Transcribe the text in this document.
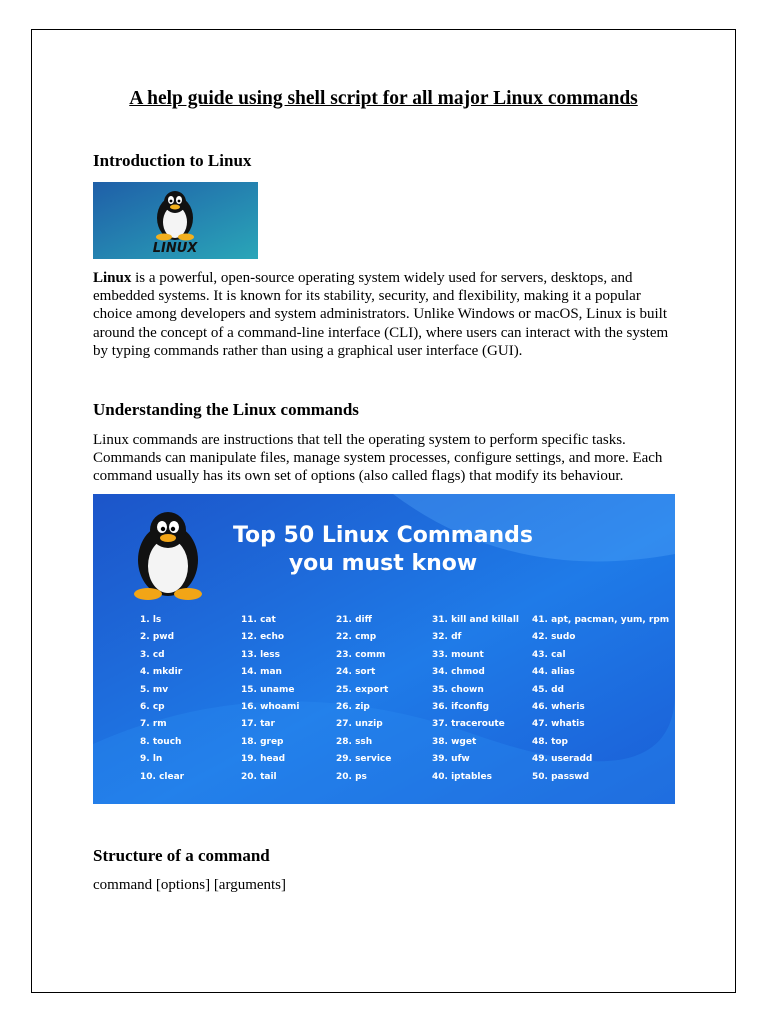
A help guide using shell script for all major Linux commands
Introduction to Linux
LINUX
Linux is a powerful, open-source operating system widely used for servers, desktops, and embedded systems. It is known for its stability, security, and flexibility, making it a popular choice among developers and system administrators. Unlike Windows or macOS, Linux is built around the concept of a command-line interface (CLI), where users can interact with the system by typing commands rather than using a graphical user interface (GUI).
Understanding the Linux commands
Linux commands are instructions that tell the operating system to perform specific tasks. Commands can manipulate files, manage system processes, configure settings, and more. Each command usually has its own set of options (also called flags) that modify its behaviour.
Top 50 Linux Commands
you must know
1. ls
2. pwd
3. cd
4. mkdir
5. mv
6. cp
7. rm
8. touch
9. ln
10. clear
11. cat
12. echo
13. less
14. man
15. uname
16. whoami
17. tar
18. grep
19. head
20. tail
21. diff
22. cmp
23. comm
24. sort
25. export
26. zip
27. unzip
28. ssh
29. service
20. ps
31. kill and killall
32. df
33. mount
34. chmod
35. chown
36. ifconfig
37. traceroute
38. wget
39. ufw
40. iptables
41. apt, pacman, yum, rpm
42. sudo
43. cal
44. alias
45. dd
46. wheris
47. whatis
48. top
49. useradd
50. passwd
Structure of a command
command [options] [arguments]
